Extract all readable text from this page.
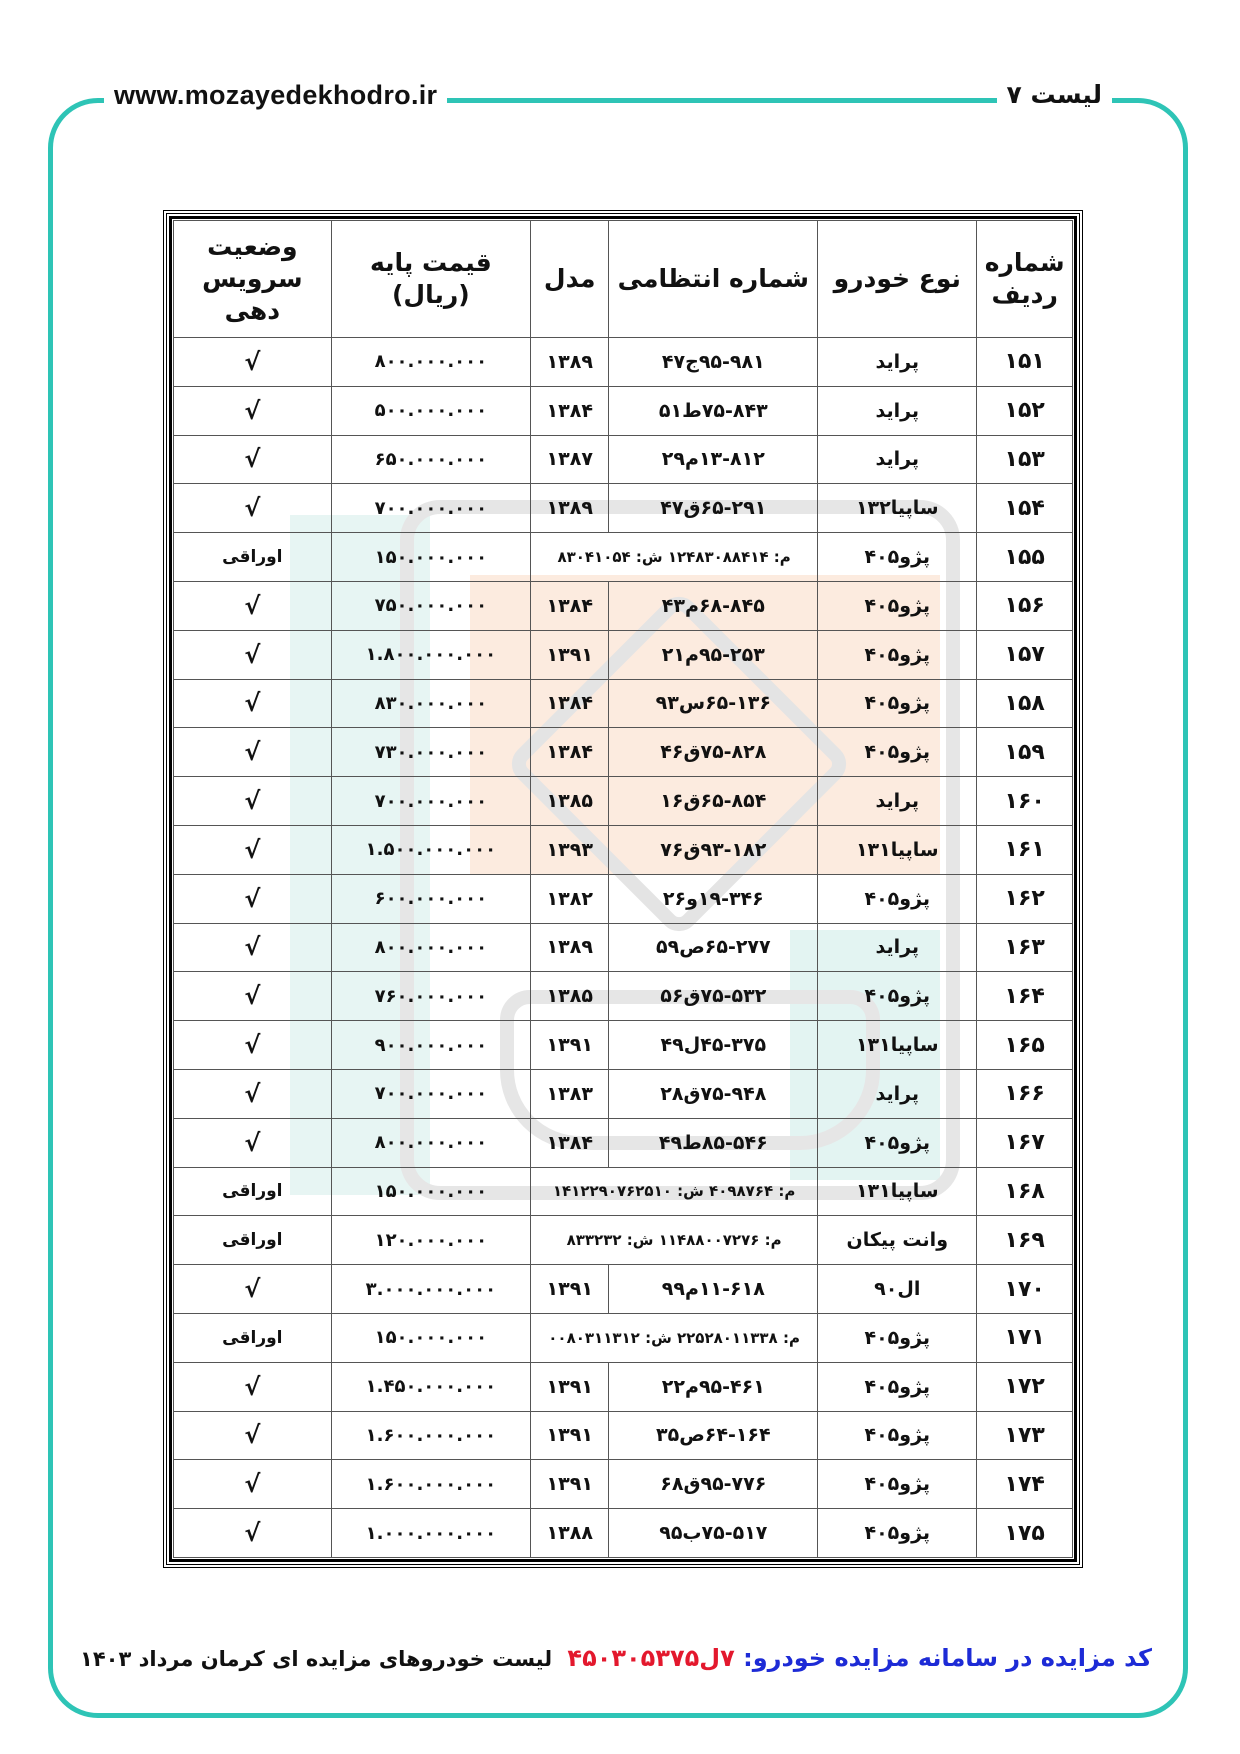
www.mozayedekhodro.ir	لیست ۷
شماره ردیف	نوع خودرو	شماره انتظامی	مدل	قیمت پایه (ریال)	وضعیت سرویس دهی
۱۵۱	پراید	۹۵-۹۸۱ج۴۷	۱۳۸۹	۸۰۰.۰۰۰.۰۰۰	√
۱۵۲	پراید	۷۵-۸۴۳ط۵۱	۱۳۸۴	۵۰۰.۰۰۰.۰۰۰	√
۱۵۳	پراید	۱۳-۸۱۲م۲۹	۱۳۸۷	۶۵۰.۰۰۰.۰۰۰	√
۱۵۴	ساپیا۱۳۲	۶۵-۲۹۱ق۴۷	۱۳۸۹	۷۰۰.۰۰۰.۰۰۰	√
۱۵۵	پژو۴۰۵	م: ۱۲۴۸۳۰۸۸۴۱۴ ش: ۸۳۰۴۱۰۵۴		۱۵۰.۰۰۰.۰۰۰	اوراقی
۱۵۶	پژو۴۰۵	۶۸-۸۴۵م۴۳	۱۳۸۴	۷۵۰.۰۰۰.۰۰۰	√
۱۵۷	پژو۴۰۵	۹۵-۲۵۳م۲۱	۱۳۹۱	۱.۸۰۰.۰۰۰.۰۰۰	√
۱۵۸	پژو۴۰۵	۶۵-۱۳۶س۹۳	۱۳۸۴	۸۳۰.۰۰۰.۰۰۰	√
۱۵۹	پژو۴۰۵	۷۵-۸۲۸ق۴۶	۱۳۸۴	۷۳۰.۰۰۰.۰۰۰	√
۱۶۰	پراید	۶۵-۸۵۴ق۱۶	۱۳۸۵	۷۰۰.۰۰۰.۰۰۰	√
۱۶۱	ساپیا۱۳۱	۹۳-۱۸۲ق۷۶	۱۳۹۳	۱.۵۰۰.۰۰۰.۰۰۰	√
۱۶۲	پژو۴۰۵	۱۹-۳۴۶و۲۶	۱۳۸۲	۶۰۰.۰۰۰.۰۰۰	√
۱۶۳	پراید	۶۵-۲۷۷ص۵۹	۱۳۸۹	۸۰۰.۰۰۰.۰۰۰	√
۱۶۴	پژو۴۰۵	۷۵-۵۳۲ق۵۶	۱۳۸۵	۷۶۰.۰۰۰.۰۰۰	√
۱۶۵	ساپیا۱۳۱	۴۵-۳۷۵ل۴۹	۱۳۹۱	۹۰۰.۰۰۰.۰۰۰	√
۱۶۶	پراید	۷۵-۹۴۸ق۲۸	۱۳۸۳	۷۰۰.۰۰۰.۰۰۰	√
۱۶۷	پژو۴۰۵	۸۵-۵۴۶ط۴۹	۱۳۸۴	۸۰۰.۰۰۰.۰۰۰	√
۱۶۸	ساپیا۱۳۱	م: ۴۰۹۸۷۶۴ ش: ۱۴۱۲۲۹۰۷۶۲۵۱۰		۱۵۰.۰۰۰.۰۰۰	اوراقی
۱۶۹	وانت پیکان	م: ۱۱۴۸۸۰۰۷۲۷۶ ش: ۸۳۳۲۳۲		۱۲۰.۰۰۰.۰۰۰	اوراقی
۱۷۰	ال۹۰	۱۱-۶۱۸م۹۹	۱۳۹۱	۳.۰۰۰.۰۰۰.۰۰۰	√
۱۷۱	پژو۴۰۵	م: ۲۲۵۲۸۰۱۱۳۳۸ ش: ۰۰۸۰۳۱۱۳۱۲		۱۵۰.۰۰۰.۰۰۰	اوراقی
۱۷۲	پژو۴۰۵	۹۵-۴۶۱م۲۲	۱۳۹۱	۱.۴۵۰.۰۰۰.۰۰۰	√
۱۷۳	پژو۴۰۵	۶۴-۱۶۴ص۳۵	۱۳۹۱	۱.۶۰۰.۰۰۰.۰۰۰	√
۱۷۴	پژو۴۰۵	۹۵-۷۷۶ق۶۸	۱۳۹۱	۱.۶۰۰.۰۰۰.۰۰۰	√
۱۷۵	پژو۴۰۵	۷۵-۵۱۷ب۹۵	۱۳۸۸	۱.۰۰۰.۰۰۰.۰۰۰	√
لیست خودروهای مزایده ای کرمان مرداد ۱۴۰۳	کد مزایده در سامانه مزایده خودرو: ۷ل۴۵۰۳۰۵۳۷۵
